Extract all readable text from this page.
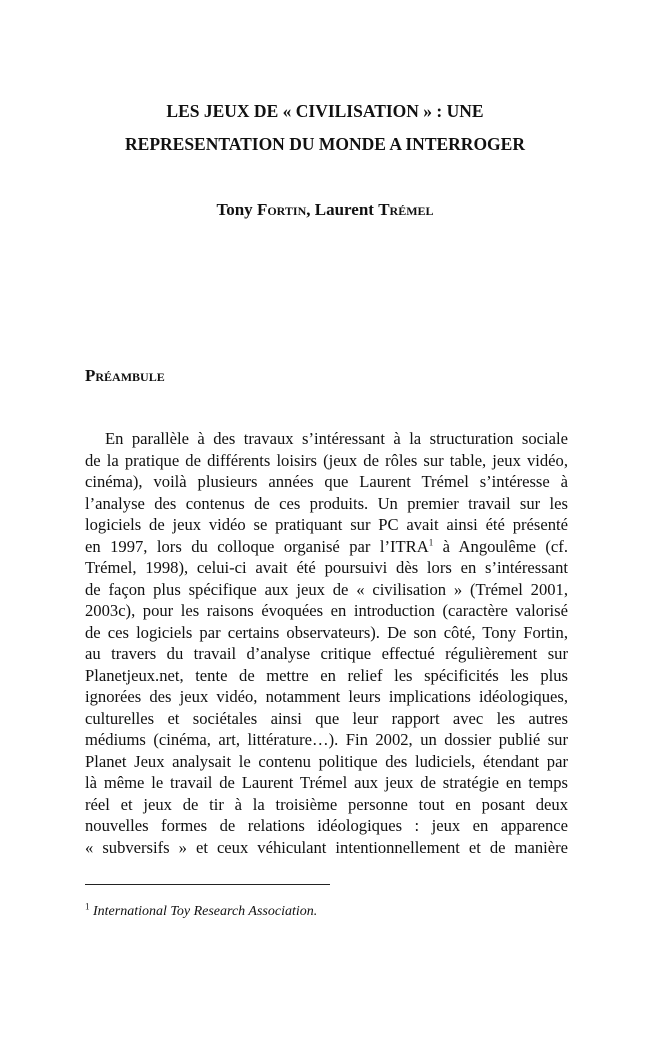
LES JEUX DE « CIVILISATION » : UNE
REPRESENTATION DU MONDE A INTERROGER
Tony Fortin, Laurent Trémel
Préambule
En parallèle à des travaux s’intéressant à la structuration sociale
de la pratique de différents loisirs (jeux de rôles sur table, jeux vidéo,
cinéma), voilà plusieurs années que Laurent Trémel s’intéresse à
l’analyse des contenus de ces produits. Un premier travail sur les
logiciels de jeux vidéo se pratiquant sur PC avait ainsi été présenté
en 1997, lors du colloque organisé par l’ITRA$^1$ à Angoulême (cf.
Trémel, 1998), celui-ci avait été poursuivi dès lors en s’intéressant
de façon plus spécifique aux jeux de « civilisation » (Trémel 2001,
2003c), pour les raisons évoquées en introduction (caractère valorisé
de ces logiciels par certains observateurs). De son côté, Tony Fortin,
au travers du travail d’analyse critique effectué régulièrement sur
Planetjeux.net, tente de mettre en relief les spécificités les plus
ignorées des jeux vidéo, notamment leurs implications idéologiques,
culturelles et sociétales ainsi que leur rapport avec les autres
médiums (cinéma, art, littérature…). Fin 2002, un dossier publié sur
Planet Jeux analysait le contenu politique des ludiciels, étendant par
là même le travail de Laurent Trémel aux jeux de stratégie en temps
réel et jeux de tir à la troisième personne tout en posant deux
nouvelles formes de relations idéologiques : jeux en apparence
« subversifs » et ceux véhiculant intentionnellement et de manière
$^1$ International Toy Research Association.
